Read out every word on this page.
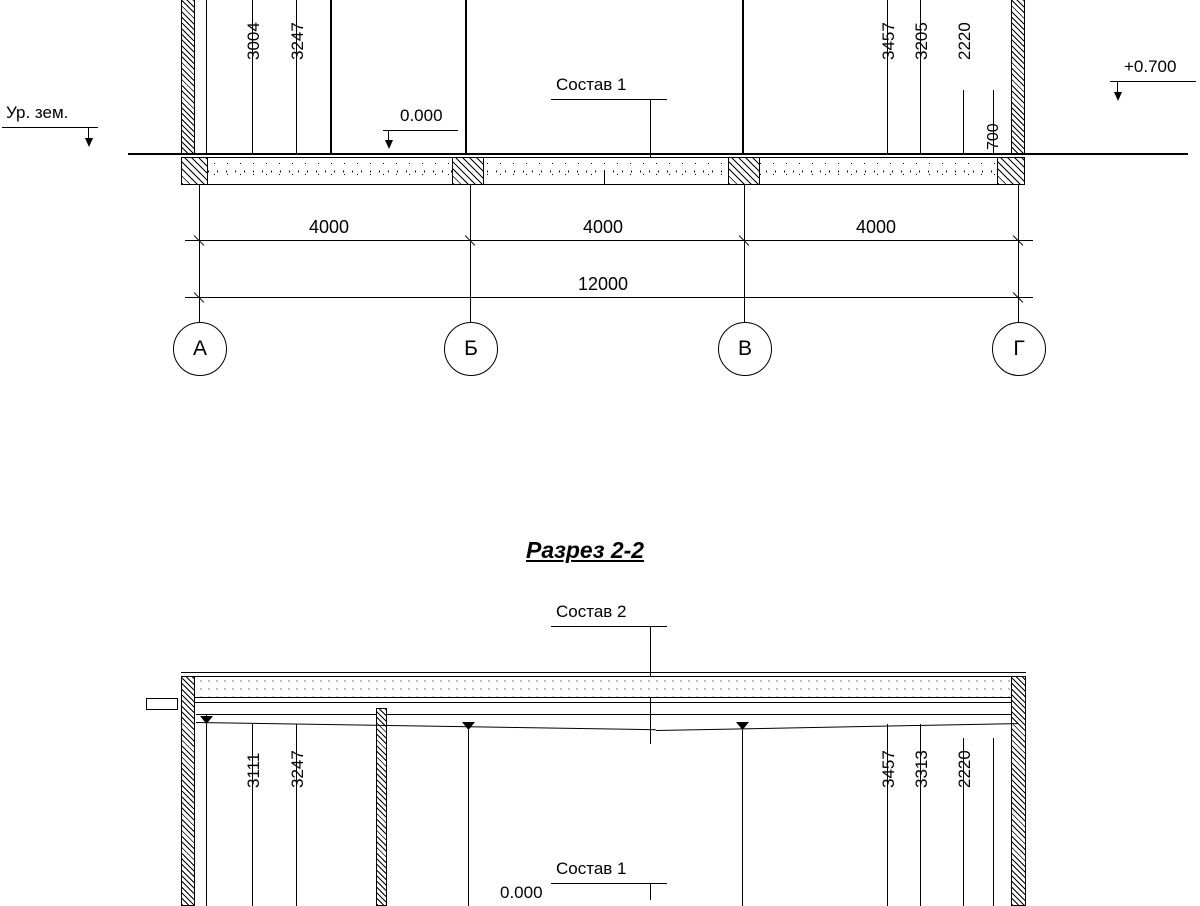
3004 3247	3457 3205 2220
700
Состав 1
0.000
+0.700
Ур. зем.
4000	4000	4000
12000
А	Б	В	Г
Разрез 2-2
Состав 2
3111 3247	3457 3313 2220
Состав 1
0.000
